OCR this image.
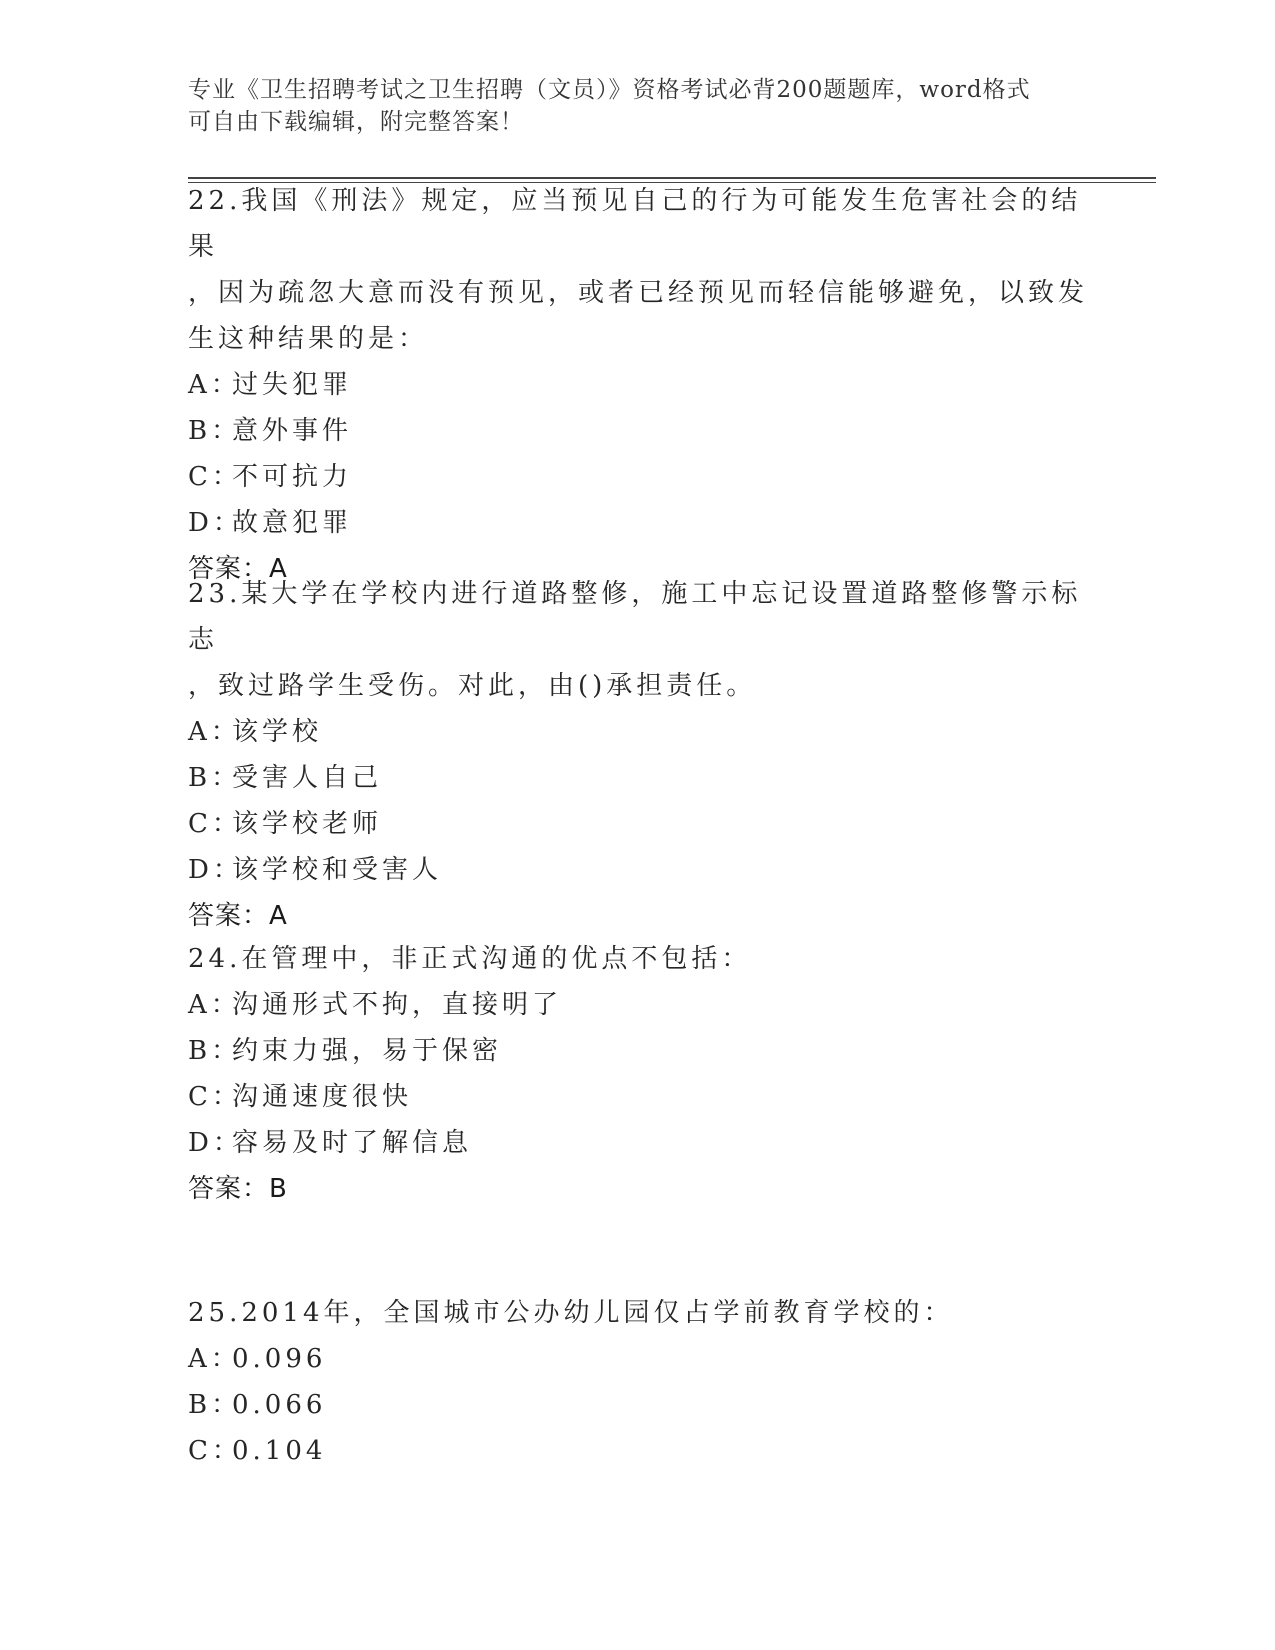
专业《卫生招聘考试之卫生招聘（文员）》资格考试必背200题题库，word格式
可自由下载编辑，附完整答案！

22.我国《刑法》规定，应当预见自己的行为可能发生危害社会的结果

，因为疏忽大意而没有预见，或者已经预见而轻信能够避免，以致发

生这种结果的是：

A：过失犯罪

B：意外事件

C：不可抗力

D：故意犯罪

答案：A

23.某大学在学校内进行道路整修，施工中忘记设置道路整修警示标志

，致过路学生受伤。对此，由()承担责任。

A：该学校

B：受害人自己

C：该学校老师

D：该学校和受害人

答案：A

24.在管理中，非正式沟通的优点不包括：

A：沟通形式不拘，直接明了

B：约束力强，易于保密

C：沟通速度很快

D：容易及时了解信息

答案：B

25.2014年，全国城市公办幼儿园仅占学前教育学校的：

A：0.096

B：0.066

C：0.104
